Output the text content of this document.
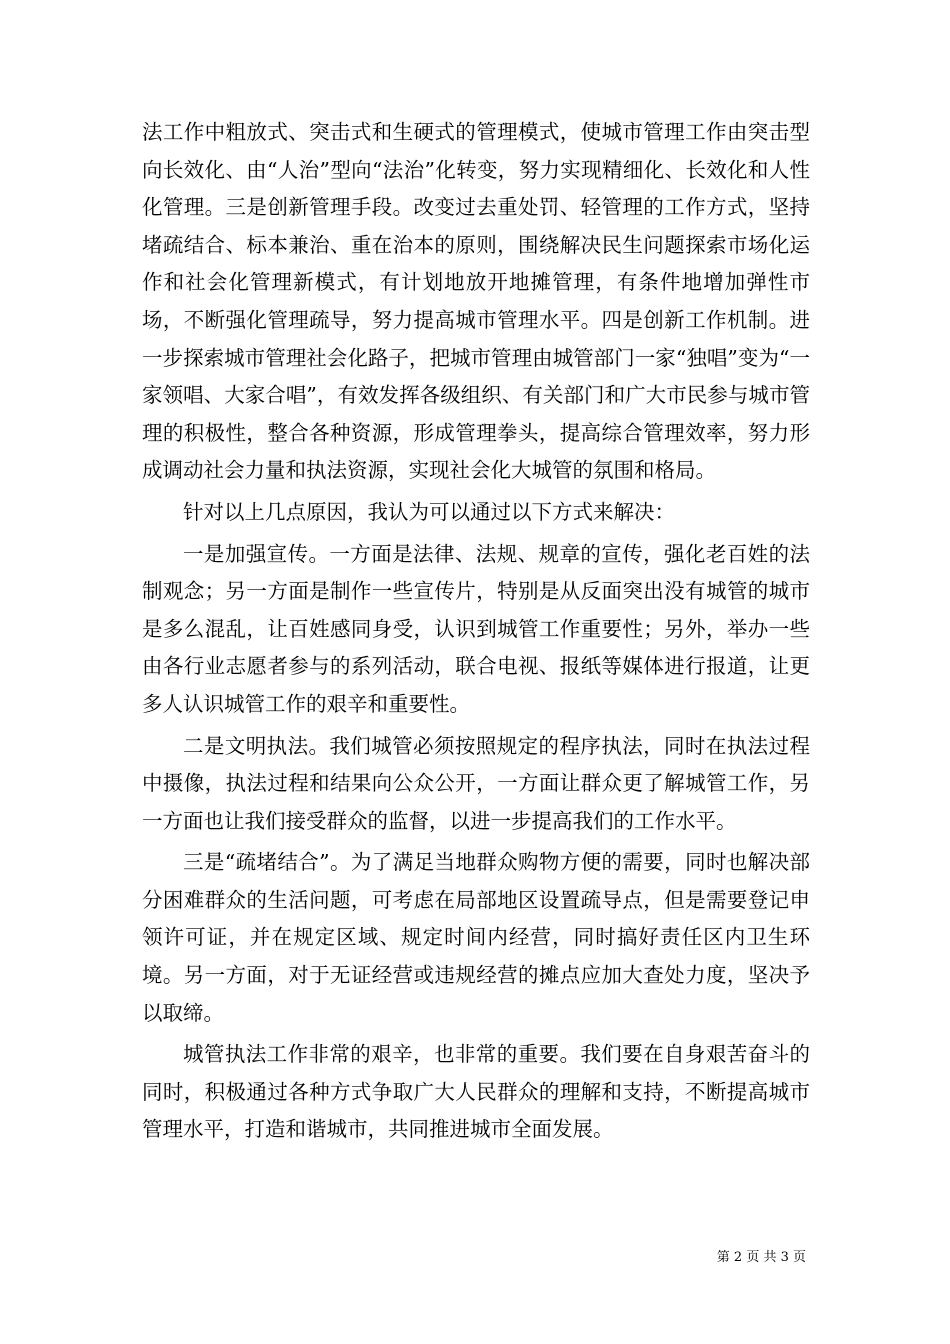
法工作中粗放式、突击式和生硬式的管理模式，使城市管理工作由突击型向长效化、由“人治”型向“法治”化转变，努力实现精细化、长效化和人性化管理。三是创新管理手段。改变过去重处罚、轻管理的工作方式，坚持堵疏结合、标本兼治、重在治本的原则，围绕解决民生问题探索市场化运作和社会化管理新模式，有计划地放开地摊管理，有条件地增加弹性市场，不断强化管理疏导，努力提高城市管理水平。四是创新工作机制。进一步探索城市管理社会化路子，把城市管理由城管部门一家“独唱”变为“一家领唱、大家合唱”，有效发挥各级组织、有关部门和广大市民参与城市管理的积极性，整合各种资源，形成管理拳头，提高综合管理效率，努力形成调动社会力量和执法资源，实现社会化大城管的氛围和格局。

针对以上几点原因，我认为可以通过以下方式来解决：

一是加强宣传。一方面是法律、法规、规章的宣传，强化老百姓的法制观念；另一方面是制作一些宣传片，特别是从反面突出没有城管的城市是多么混乱，让百姓感同身受，认识到城管工作重要性；另外，举办一些由各行业志愿者参与的系列活动，联合电视、报纸等媒体进行报道，让更多人认识城管工作的艰辛和重要性。

二是文明执法。我们城管必须按照规定的程序执法，同时在执法过程中摄像，执法过程和结果向公众公开，一方面让群众更了解城管工作，另一方面也让我们接受群众的监督，以进一步提高我们的工作水平。

三是“疏堵结合”。为了满足当地群众购物方便的需要，同时也解决部分困难群众的生活问题，可考虑在局部地区设置疏导点，但是需要登记申领许可证，并在规定区域、规定时间内经营，同时搞好责任区内卫生环境。另一方面，对于无证经营或违规经营的摊点应加大查处力度，坚决予以取缔。

城管执法工作非常的艰辛，也非常的重要。我们要在自身艰苦奋斗的同时，积极通过各种方式争取广大人民群众的理解和支持，不断提高城市管理水平，打造和谐城市，共同推进城市全面发展。

第 2 页 共 3 页
